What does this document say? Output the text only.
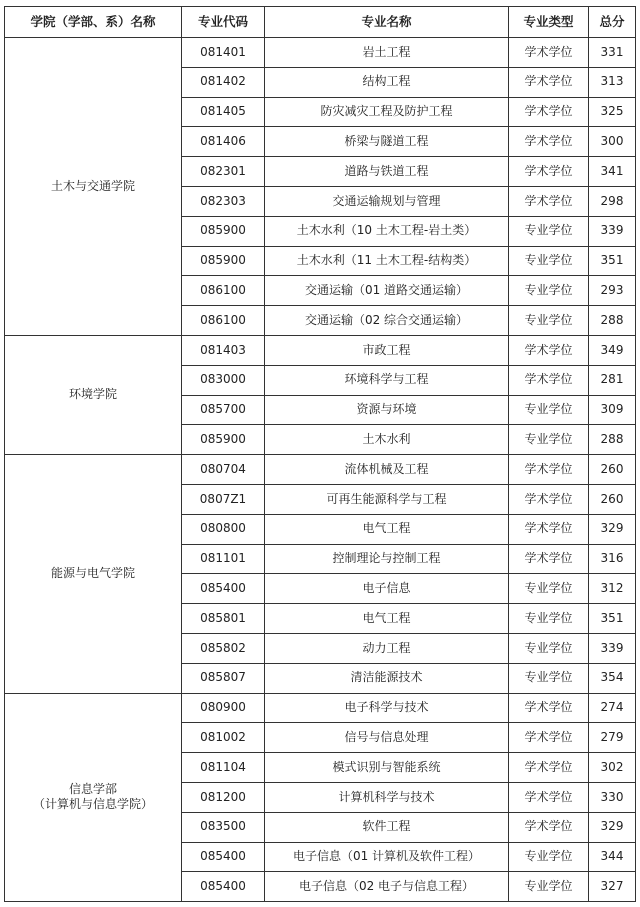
学院（学部、系）名称	专业代码	专业名称	专业类型	总分

土木与交通学院	081401	岩土工程	学术学位	331
	081402	结构工程	学术学位	313
	081405	防灾减灾工程及防护工程	学术学位	325
	081406	桥梁与隧道工程	学术学位	300
	082301	道路与铁道工程	学术学位	341
	082303	交通运输规划与管理	学术学位	298
	085900	土木水利（10 土木工程-岩土类）	专业学位	339
	085900	土木水利（11 土木工程-结构类）	专业学位	351
	086100	交通运输（01 道路交通运输）	专业学位	293
	086100	交通运输（02 综合交通运输）	专业学位	288

环境学院	081403	市政工程	学术学位	349
	083000	环境科学与工程	学术学位	281
	085700	资源与环境	专业学位	309
	085900	土木水利	专业学位	288

能源与电气学院	080704	流体机械及工程	学术学位	260
	0807Z1	可再生能源科学与工程	学术学位	260
	080800	电气工程	学术学位	329
	081101	控制理论与控制工程	学术学位	316
	085400	电子信息	专业学位	312
	085801	电气工程	专业学位	351
	085802	动力工程	专业学位	339
	085807	清洁能源技术	专业学位	354

信息学部
（计算机与信息学院）	080900	电子科学与技术	学术学位	274
	081002	信号与信息处理	学术学位	279
	081104	模式识别与智能系统	学术学位	302
	081200	计算机科学与技术	学术学位	330
	083500	软件工程	学术学位	329
	085400	电子信息（01 计算机及软件工程）	专业学位	344
	085400	电子信息（02 电子与信息工程）	专业学位	327
